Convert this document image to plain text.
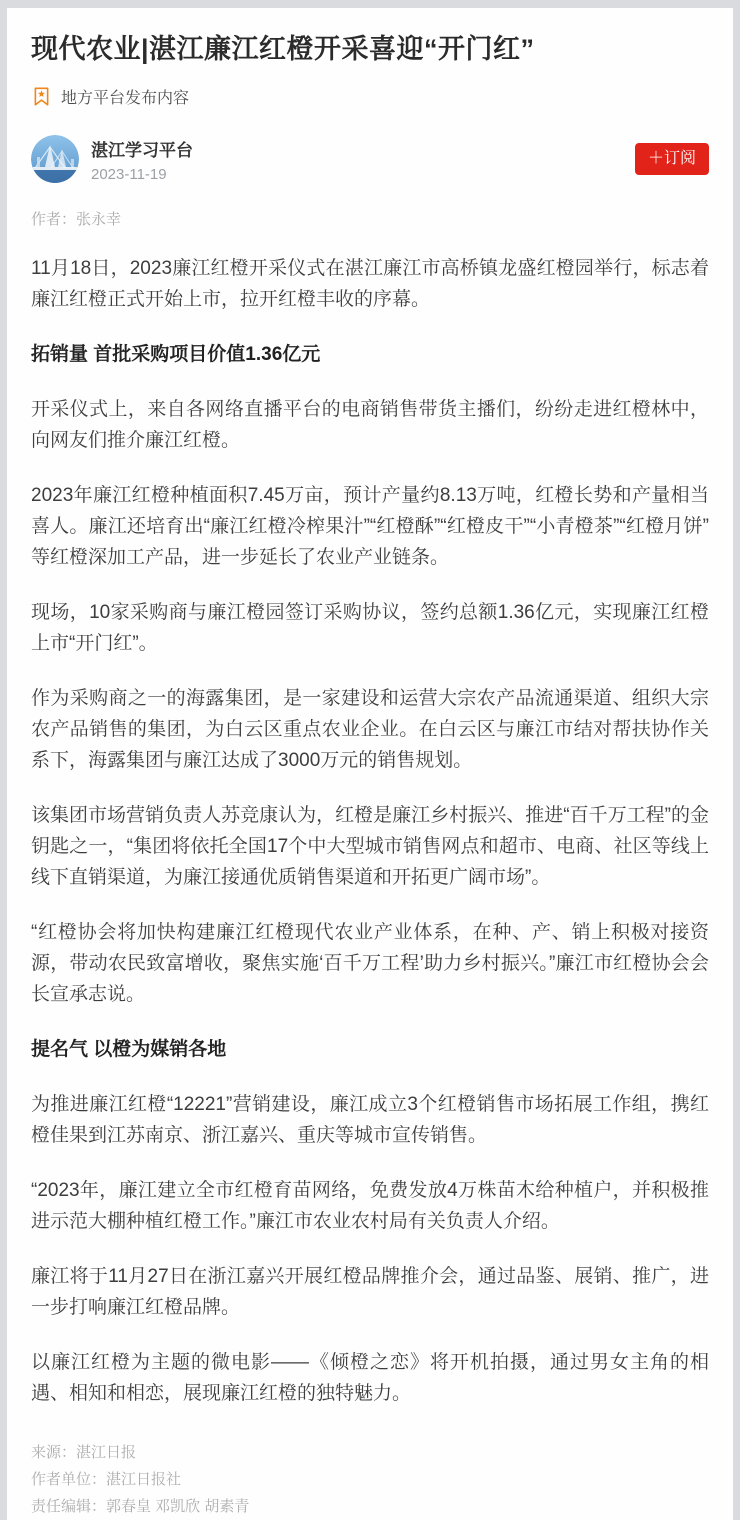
现代农业|湛江廉江红橙开采喜迎“开门红”
地方平台发布内容
湛江学习平台
2023-11-19
＋订阅
作者：张永幸

11月18日，2023廉江红橙开采仪式在湛江廉江市高桥镇龙盛红橙园举行，标志着廉江红橙正式开始上市，拉开红橙丰收的序幕。

拓销量 首批采购项目价值1.36亿元

开采仪式上，来自各网络直播平台的电商销售带货主播们，纷纷走进红橙林中，向网友们推介廉江红橙。

2023年廉江红橙种植面积7.45万亩，预计产量约8.13万吨，红橙长势和产量相当喜人。廉江还培育出“廉江红橙冷榨果汁”“红橙酥”“红橙皮干”“小青橙茶”“红橙月饼”等红橙深加工产品，进一步延长了农业产业链条。

现场，10家采购商与廉江橙园签订采购协议，签约总额1.36亿元，实现廉江红橙上市“开门红”。

作为采购商之一的海露集团，是一家建设和运营大宗农产品流通渠道、组织大宗农产品销售的集团，为白云区重点农业企业。在白云区与廉江市结对帮扶协作关系下，海露集团与廉江达成了3000万元的销售规划。

该集团市场营销负责人苏竞康认为，红橙是廉江乡村振兴、推进“百千万工程”的金钥匙之一，“集团将依托全国17个中大型城市销售网点和超市、电商、社区等线上线下直销渠道，为廉江接通优质销售渠道和开拓更广阔市场”。

“红橙协会将加快构建廉江红橙现代农业产业体系，在种、产、销上积极对接资源，带动农民致富增收，聚焦实施‘百千万工程’助力乡村振兴。”廉江市红橙协会会长宣承志说。

提名气 以橙为媒销各地

为推进廉江红橙“12221”营销建设，廉江成立3个红橙销售市场拓展工作组，携红橙佳果到江苏南京、浙江嘉兴、重庆等城市宣传销售。

“2023年，廉江建立全市红橙育苗网络，免费发放4万株苗木给种植户，并积极推进示范大棚种植红橙工作。”廉江市农业农村局有关负责人介绍。

廉江将于11月27日在浙江嘉兴开展红橙品牌推介会，通过品鉴、展销、推广，进一步打响廉江红橙品牌。

以廉江红橙为主题的微电影——《倾橙之恋》将开机拍摄，通过男女主角的相遇、相知和相恋，展现廉江红橙的独特魅力。

来源：湛江日报
作者单位：湛江日报社
责任编辑：郭春皇 邓凯欣 胡素青
